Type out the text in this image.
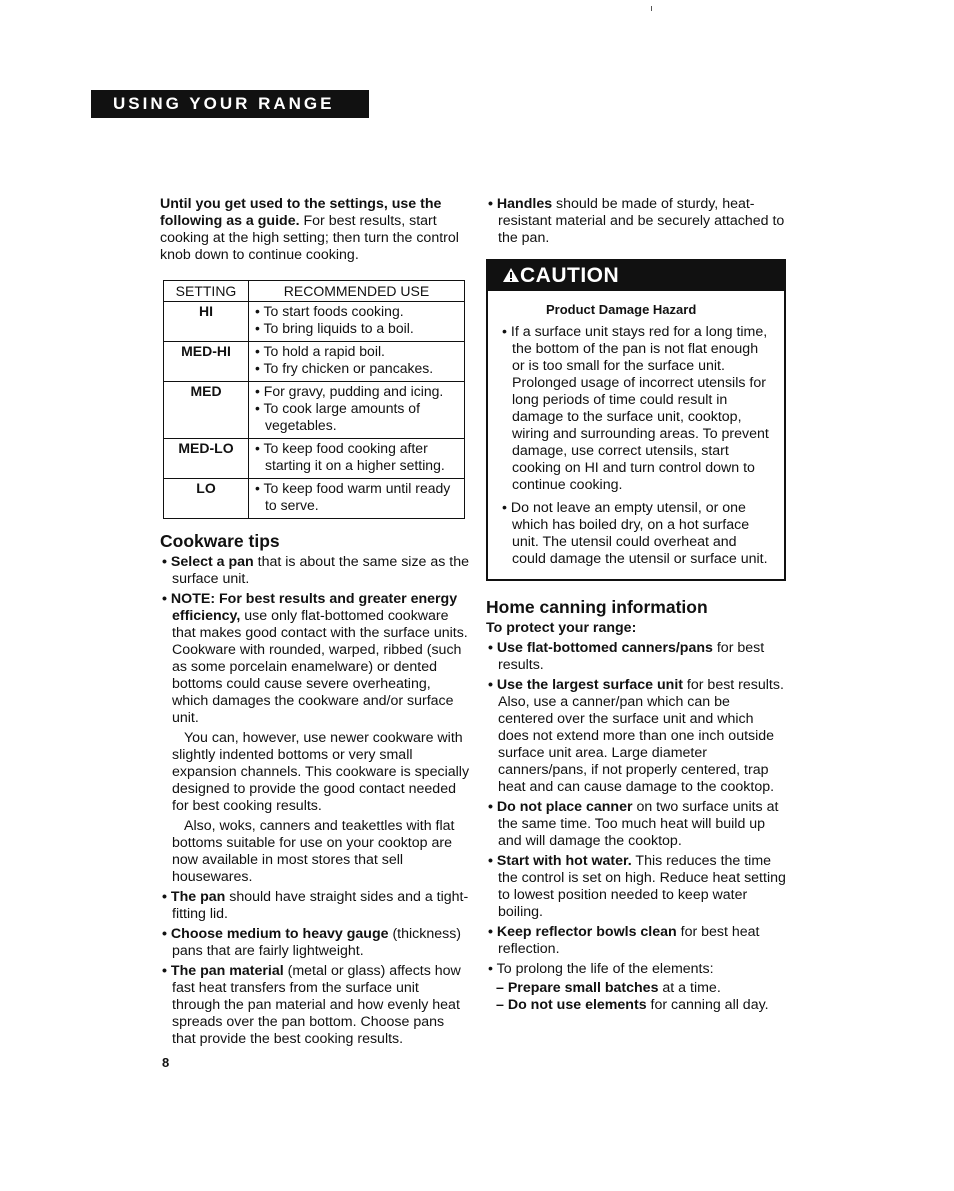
USING YOUR RANGE

Until you get used to the settings, use the following as a guide. For best results, start cooking at the high setting; then turn the control knob down to continue cooking.

SETTING	RECOMMENDED USE
HI	• To start foods cooking.
• To bring liquids to a boil.

MED-HI	• To hold a rapid boil.
• To fry chicken or pancakes.

MED	• For gravy, pudding and icing.
• To cook large amounts of vegetables.

MED-LO	• To keep food cooking after starting it on a higher setting.

LO	• To keep food warm until ready to serve.
Cookware tips
• Select a pan that is about the same size as the surface unit.
• NOTE: For best results and greater energy efficiency, use only flat-bottomed cookware that makes good contact with the surface units. Cookware with rounded, warped, ribbed (such as some porcelain enamelware) or dented bottoms could cause severe overheating, which damages the cookware and/or surface unit.

You can, however, use newer cookware with slightly indented bottoms or very small expansion channels. This cookware is specially designed to provide the good contact needed for best cooking results.

Also, woks, canners and teakettles with flat bottoms suitable for use on your cooktop are now available in most stores that sell housewares.

• The pan should have straight sides and a tight-fitting lid.
• Choose medium to heavy gauge (thickness) pans that are fairly lightweight.
• The pan material (metal or glass) affects how fast heat transfers from the surface unit through the pan material and how evenly heat spreads over the pan bottom. Choose pans that provide the best cooking results.
• Handles should be made of sturdy, heat-resistant material and be securely attached to the pan.
CAUTION
Product Damage Hazard
• If a surface unit stays red for a long time, the bottom of the pan is not flat enough or is too small for the surface unit. Prolonged usage of incorrect utensils for long periods of time could result in damage to the surface unit, cooktop, wiring and surrounding areas. To prevent damage, use correct utensils, start cooking on HI and turn control down to continue cooking.
• Do not leave an empty utensil, or one which has boiled dry, on a hot surface unit. The utensil could overheat and could damage the utensil or surface unit.
Home canning information

To protect your range:

• Use flat-bottomed canners/pans for best results.
• Use the largest surface unit for best results. Also, use a canner/pan which can be centered over the surface unit and which does not extend more than one inch outside surface unit area. Large diameter canners/pans, if not properly centered, trap heat and can cause damage to the cooktop.
• Do not place canner on two surface units at the same time. Too much heat will build up and will damage the cooktop.
• Start with hot water. This reduces the time the control is set on high. Reduce heat setting to lowest position needed to keep water boiling.
• Keep reflector bowls clean for best heat reflection.
• To prolong the life of the elements:

– Prepare small batches at a time.

– Do not use elements for canning all day.

8
